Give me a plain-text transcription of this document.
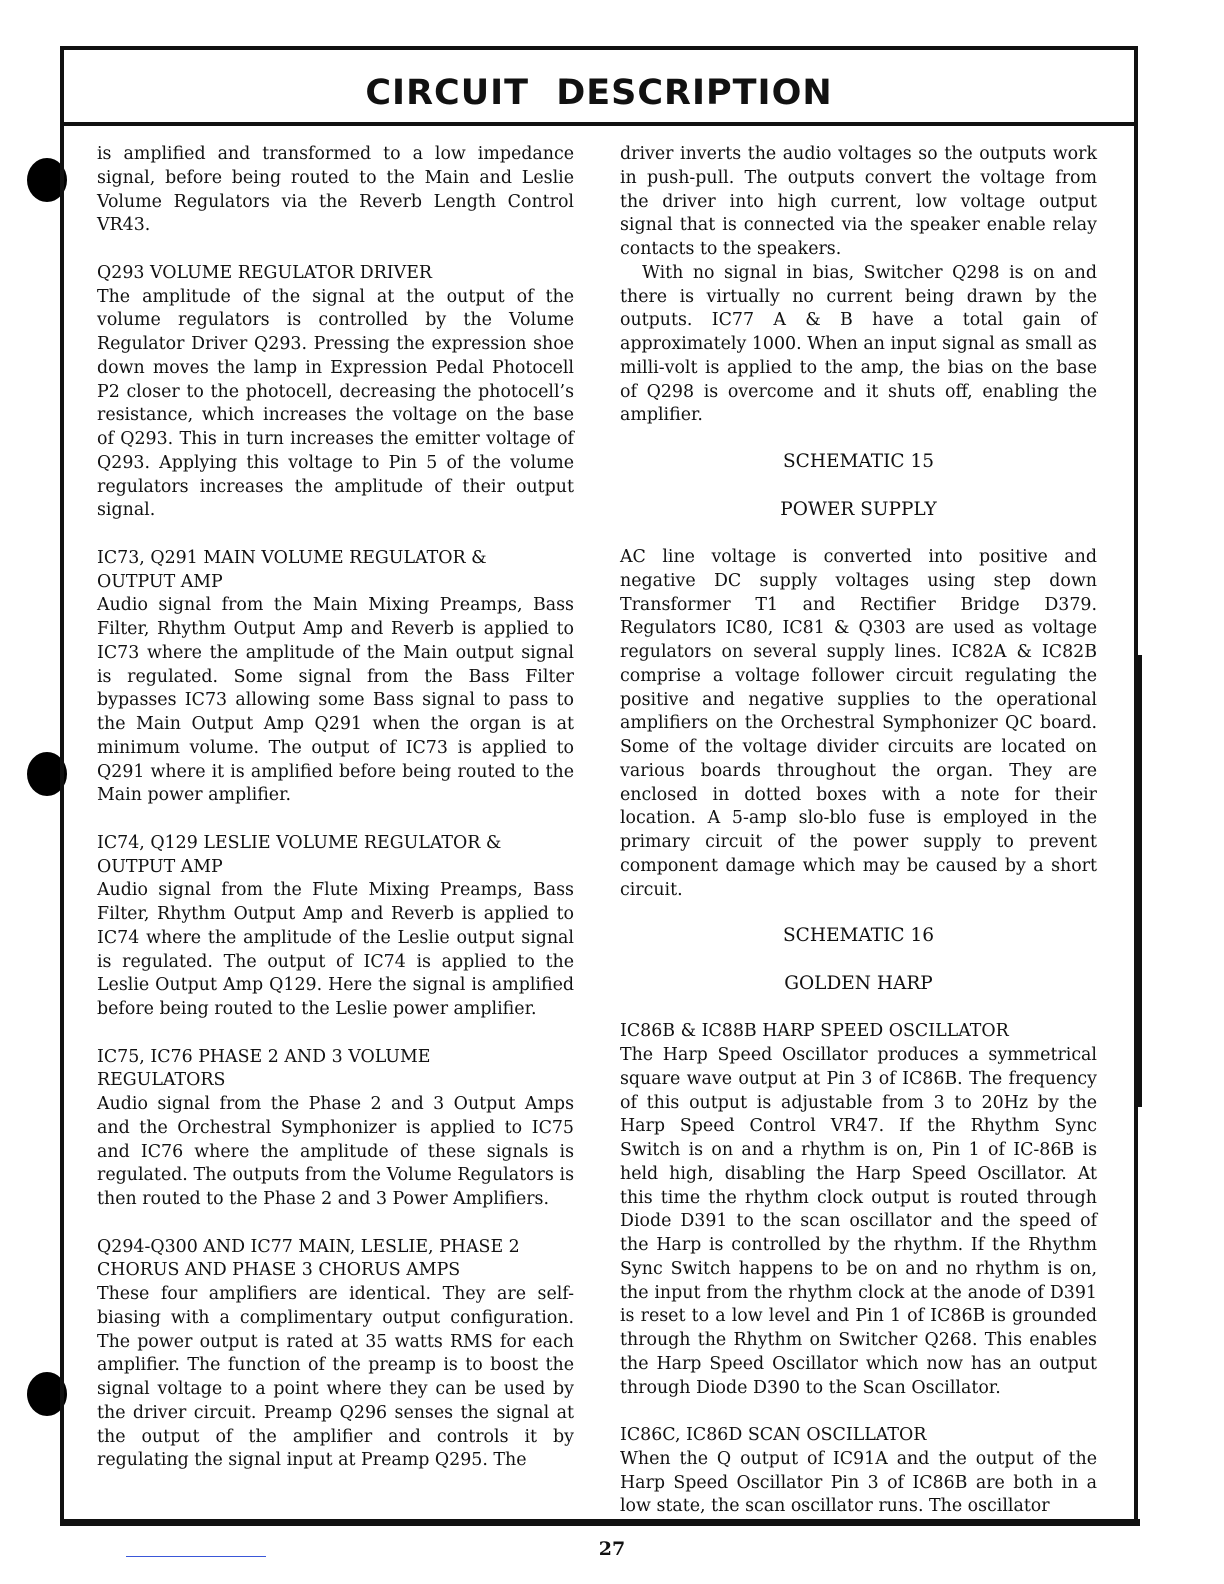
CIRCUIT DESCRIPTION

is amplified and transformed to a low impedance signal, before being routed to the Main and Leslie Volume Regulators via the Reverb Length Control VR43.

Q293 VOLUME REGULATOR DRIVER

The amplitude of the signal at the output of the volume regulators is controlled by the Volume Regulator Driver Q293. Pressing the expression shoe down moves the lamp in Expression Pedal Photocell P2 closer to the photocell, decreasing the photocell’s resistance, which increases the voltage on the base of Q293. This in turn increases the emitter voltage of Q293. Applying this voltage to Pin 5 of the volume regulators increases the amplitude of their output signal.

IC73, Q291 MAIN VOLUME REGULATOR &
OUTPUT AMP

Audio signal from the Main Mixing Preamps, Bass Filter, Rhythm Output Amp and Reverb is applied to IC73 where the amplitude of the Main output signal is regulated. Some signal from the Bass Filter bypasses IC73 allowing some Bass signal to pass to the Main Output Amp Q291 when the organ is at minimum volume. The output of IC73 is applied to Q291 where it is amplified before being routed to the Main power amplifier.

IC74, Q129 LESLIE VOLUME REGULATOR &
OUTPUT AMP

Audio signal from the Flute Mixing Preamps, Bass Filter, Rhythm Output Amp and Reverb is applied to IC74 where the amplitude of the Leslie output signal is regulated. The output of IC74 is applied to the Leslie Output Amp Q129. Here the signal is amplified before being routed to the Leslie power amplifier.

IC75, IC76 PHASE 2 AND 3 VOLUME
REGULATORS

Audio signal from the Phase 2 and 3 Output Amps and the Orchestral Symphonizer is applied to IC75 and IC76 where the amplitude of these signals is regulated. The outputs from the Volume Regulators is then routed to the Phase 2 and 3 Power Amplifiers.

Q294-Q300 AND IC77 MAIN, LESLIE, PHASE 2
CHORUS AND PHASE 3 CHORUS AMPS

These four amplifiers are identical. They are self-biasing with a complimentary output configuration. The power output is rated at 35 watts RMS for each amplifier. The function of the preamp is to boost the signal voltage to a point where they can be used by the driver circuit. Preamp Q296 senses the signal at the output of the amplifier and controls it by regulating the signal input at Preamp Q295. The

driver inverts the audio voltages so the outputs work in push-pull. The outputs convert the voltage from the driver into high current, low voltage output signal that is connected via the speaker enable relay contacts to the speakers.

With no signal in bias, Switcher Q298 is on and there is virtually no current being drawn by the outputs. IC77 A & B have a total gain of approximately 1000. When an input signal as small as milli-volt is applied to the amp, the bias on the base of Q298 is overcome and it shuts off, enabling the amplifier.

SCHEMATIC 15
POWER SUPPLY

AC line voltage is converted into positive and negative DC supply voltages using step down Transformer T1 and Rectifier Bridge D379. Regulators IC80, IC81 & Q303 are used as voltage regulators on several supply lines. IC82A & IC82B comprise a voltage follower circuit regulating the positive and negative supplies to the operational amplifiers on the Orchestral Symphonizer QC board. Some of the voltage divider circuits are located on various boards throughout the organ. They are enclosed in dotted boxes with a note for their location. A 5-amp slo-blo fuse is employed in the primary circuit of the power supply to prevent component damage which may be caused by a short circuit.

SCHEMATIC 16
GOLDEN HARP
IC86B & IC88B HARP SPEED OSCILLATOR

The Harp Speed Oscillator produces a symmetrical square wave output at Pin 3 of IC86B. The frequency of this output is adjustable from 3 to 20Hz by the Harp Speed Control VR47. If the Rhythm Sync Switch is on and a rhythm is on, Pin 1 of IC-86B is held high, disabling the Harp Speed Oscillator. At this time the rhythm clock output is routed through Diode D391 to the scan oscillator and the speed of the Harp is controlled by the rhythm. If the Rhythm Sync Switch happens to be on and no rhythm is on, the input from the rhythm clock at the anode of D391 is reset to a low level and Pin 1 of IC86B is grounded through the Rhythm on Switcher Q268. This enables the Harp Speed Oscillator which now has an output through Diode D390 to the Scan Oscillator.

IC86C, IC86D SCAN OSCILLATOR

When the Q output of IC91A and the output of the Harp Speed Oscillator Pin 3 of IC86B are both in a low state, the scan oscillator runs. The oscillator

27
